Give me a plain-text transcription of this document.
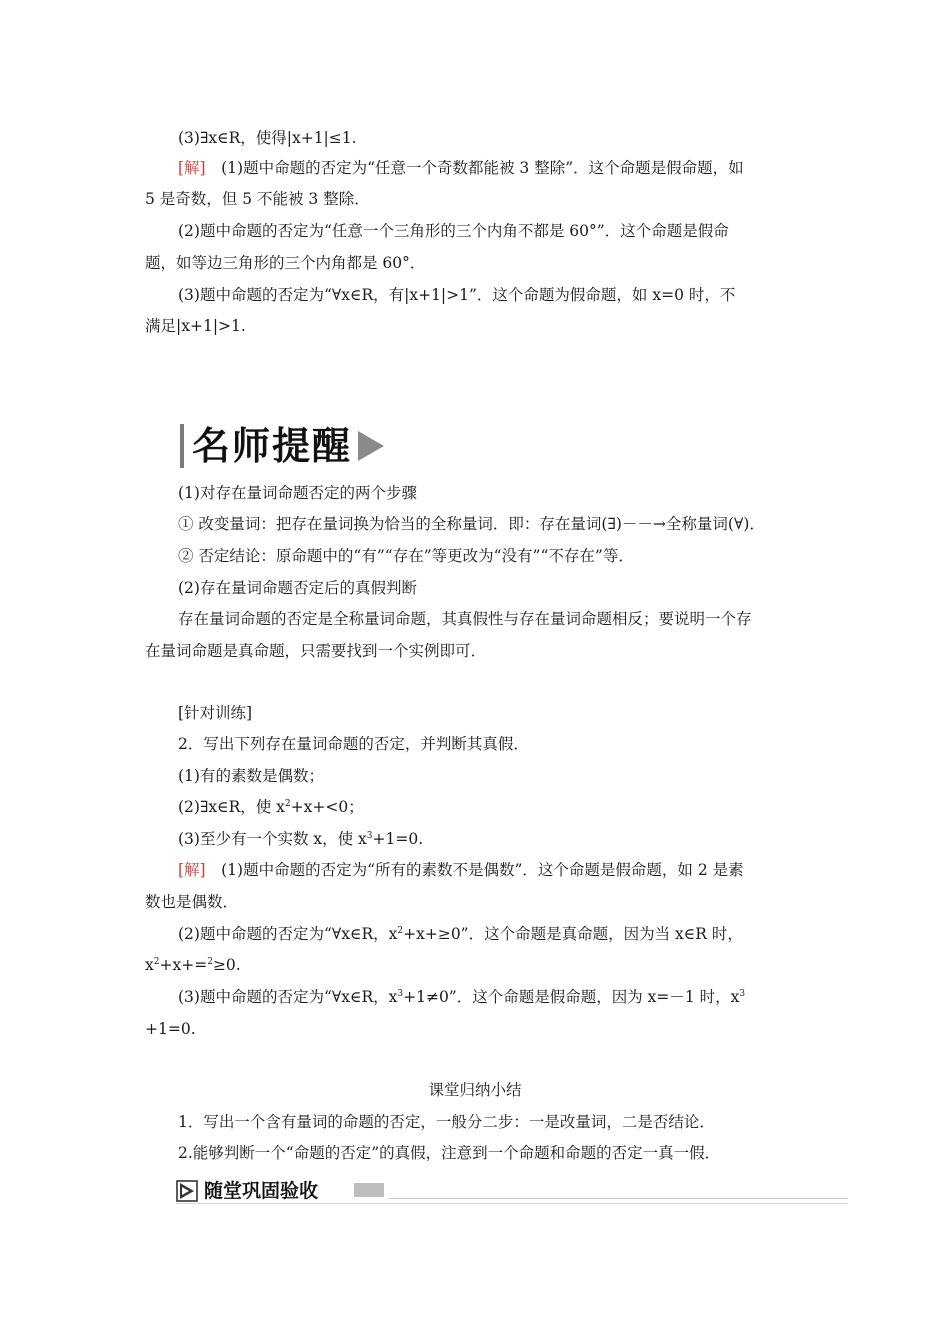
(3)∃x∈R，使得|x+1|≤1.
[解]　(1)题中命题的否定为“任意一个奇数都能被 3 整除”．这个命题是假命题，如
5 是奇数，但 5 不能被 3 整除．
(2)题中命题的否定为“任意一个三角形的三个内角不都是 60°”．这个命题是假命
题，如等边三角形的三个内角都是 60°．
(3)题中命题的否定为“∀x∈R，有|x+1|>1”．这个命题为假命题，如 x=0 时，不
满足|x+1|>1.
名师提醒
(1)对存在量词命题否定的两个步骤
① 改变量词：把存在量词换为恰当的全称量词．即：存在量词(∃)－－→全称量词(∀)．
② 否定结论：原命题中的“有”“存在”等更改为“没有”“不存在”等．
(2)存在量词命题否定后的真假判断
存在量词命题的否定是全称量词命题，其真假性与存在量词命题相反；要说明一个存
在量词命题是真命题，只需要找到一个实例即可．
[针对训练]
2．写出下列存在量词命题的否定，并判断其真假．
(1)有的素数是偶数；
(2)∃x∈R，使 $x^2+x+<0$；
(3)至少有一个实数 x，使 $x^3+1=0$.
[解]　(1)题中命题的否定为“所有的素数不是偶数”．这个命题是假命题，如 2 是素
数也是偶数．
(2)题中命题的否定为“∀x∈R，$x^2+x+\ge 0$”．这个命题是真命题，因为当 x∈R 时，
$x^2+x+=^2\ge 0$.
(3)题中命题的否定为“∀x∈R，$x^3+1\ne 0$”．这个命题是假命题，因为 x=－1 时，$x^3$
+1=0.
课堂归纳小结
1．写出一个含有量词的命题的否定，一般分二步：一是改量词，二是否结论．
2.能够判断一个“命题的否定”的真假，注意到一个命题和命题的否定一真一假．
随堂巩固验收
